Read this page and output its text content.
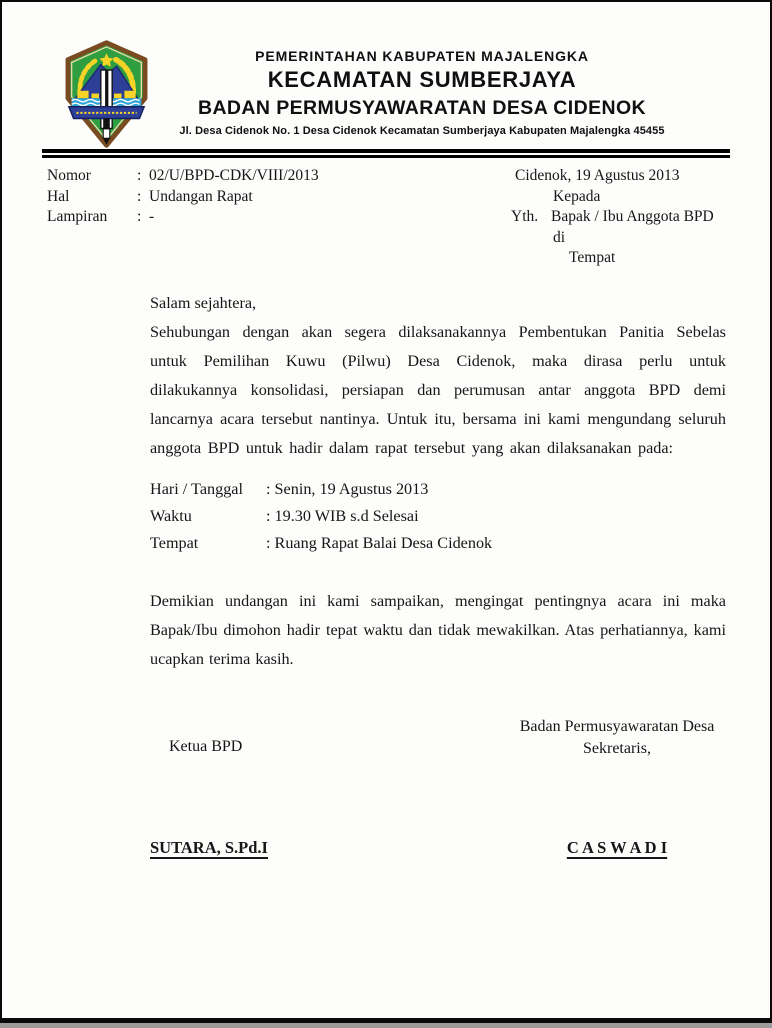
PEMERINTAHAN KABUPATEN MAJALENGKA
KECAMATAN SUMBERJAYA
BADAN PERMUSYAWARATAN DESA CIDENOK
Jl. Desa Cidenok No. 1 Desa Cidenok Kecamatan Sumberjaya Kabupaten Majalengka 45455
Nomor	: 02/U/BPD-CDK/VIII/2013
Hal	: Undangan Rapat
Lampiran	: -
Cidenok, 19 Agustus 2013
Kepada
Yth. Bapak / Ibu Anggota BPD
di
Tempat
Salam sejahtera,
Sehubungan dengan akan segera dilaksanakannya Pembentukan Panitia Sebelas untuk Pemilihan Kuwu (Pilwu) Desa Cidenok, maka dirasa perlu untuk dilakukannya konsolidasi, persiapan dan perumusan antar anggota BPD demi lancarnya acara tersebut nantinya. Untuk itu, bersama ini kami mengundang seluruh anggota BPD untuk hadir dalam rapat tersebut yang akan dilaksanakan pada:
Hari / Tanggal	: Senin, 19 Agustus 2013
Waktu	: 19.30 WIB s.d Selesai
Tempat	: Ruang Rapat Balai Desa Cidenok
Demikian undangan ini kami sampaikan, mengingat pentingnya acara ini maka Bapak/Ibu dimohon hadir tepat waktu dan tidak mewakilkan. Atas perhatiannya, kami ucapkan terima kasih.
Badan Permusyawaratan Desa
Sekretaris,
Ketua BPD
SUTARA, S.Pd.I	C A S W A D I
